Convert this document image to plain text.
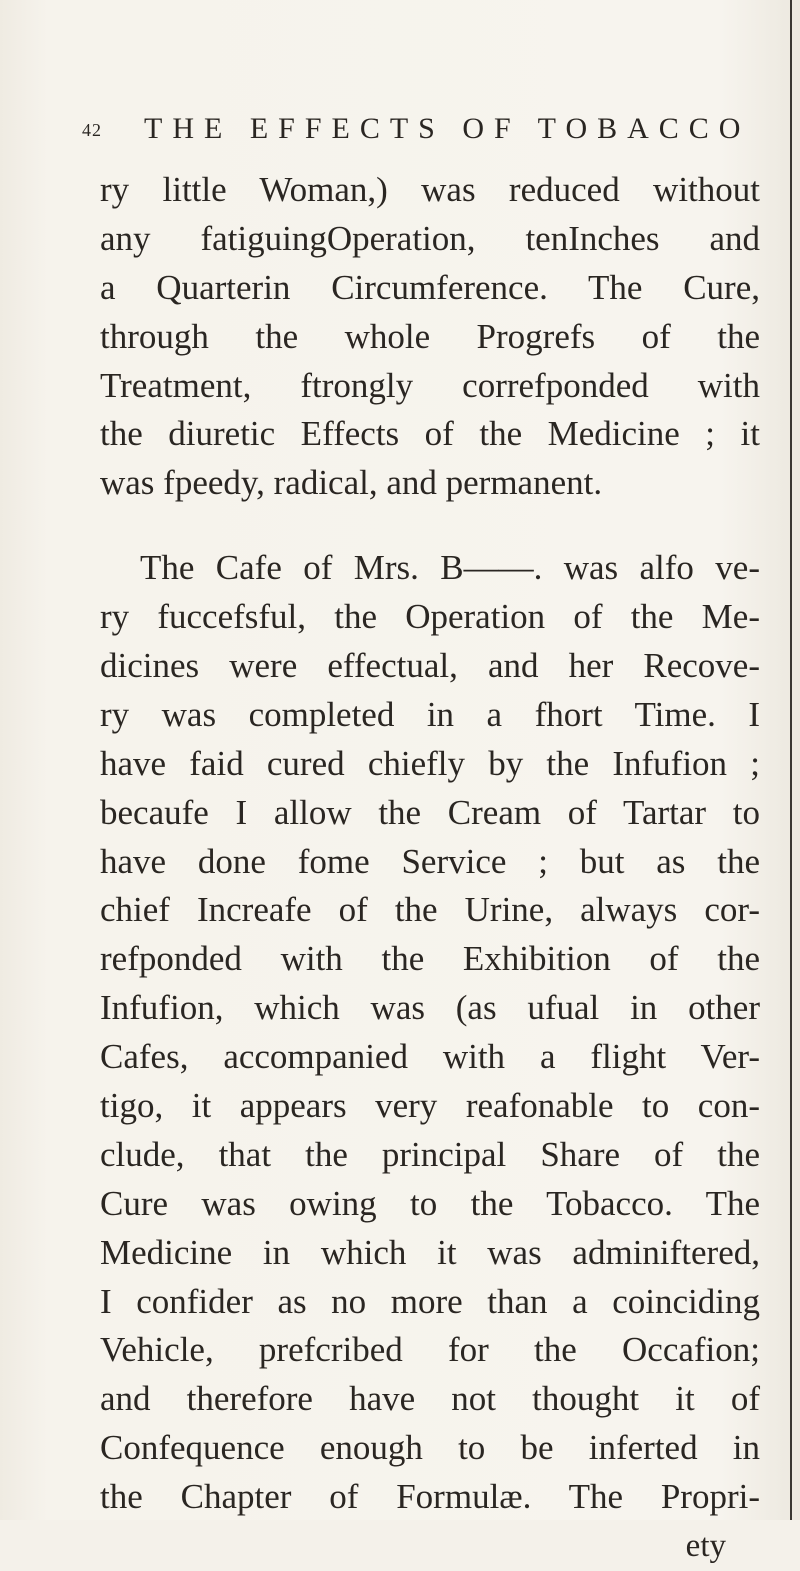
42 THE EFFECTS OF TOBACCO
ry little Woman,) was reduced without
any fatiguingOperation, tenInches and
a Quarterin Circumference. The Cure,
through the whole Progrefs of the
Treatment, ftrongly correfponded with
the diuretic Effects of the Medicine ; it
was fpeedy, radical, and permanent.
The Cafe of Mrs. B——. was alfo ve-
ry fuccefsful, the Operation of the Me-
dicines were effectual, and her Recove-
ry was completed in a fhort Time. I
have faid cured chiefly by the Infufion ;
becaufe I allow the Cream of Tartar to
have done fome Service ; but as the
chief Increafe of the Urine, always cor-
refponded with the Exhibition of the
Infufion, which was (as ufual in other
Cafes, accompanied with a flight Ver-
tigo, it appears very reafonable to con-
clude, that the principal Share of the
Cure was owing to the Tobacco. The
Medicine in which it was adminiftered,
I confider as no more than a coinciding
Vehicle, prefcribed for the Occafion;
and therefore have not thought it of
Confequence enough to be inferted in
the Chapter of Formulæ. The Propri-
ety
